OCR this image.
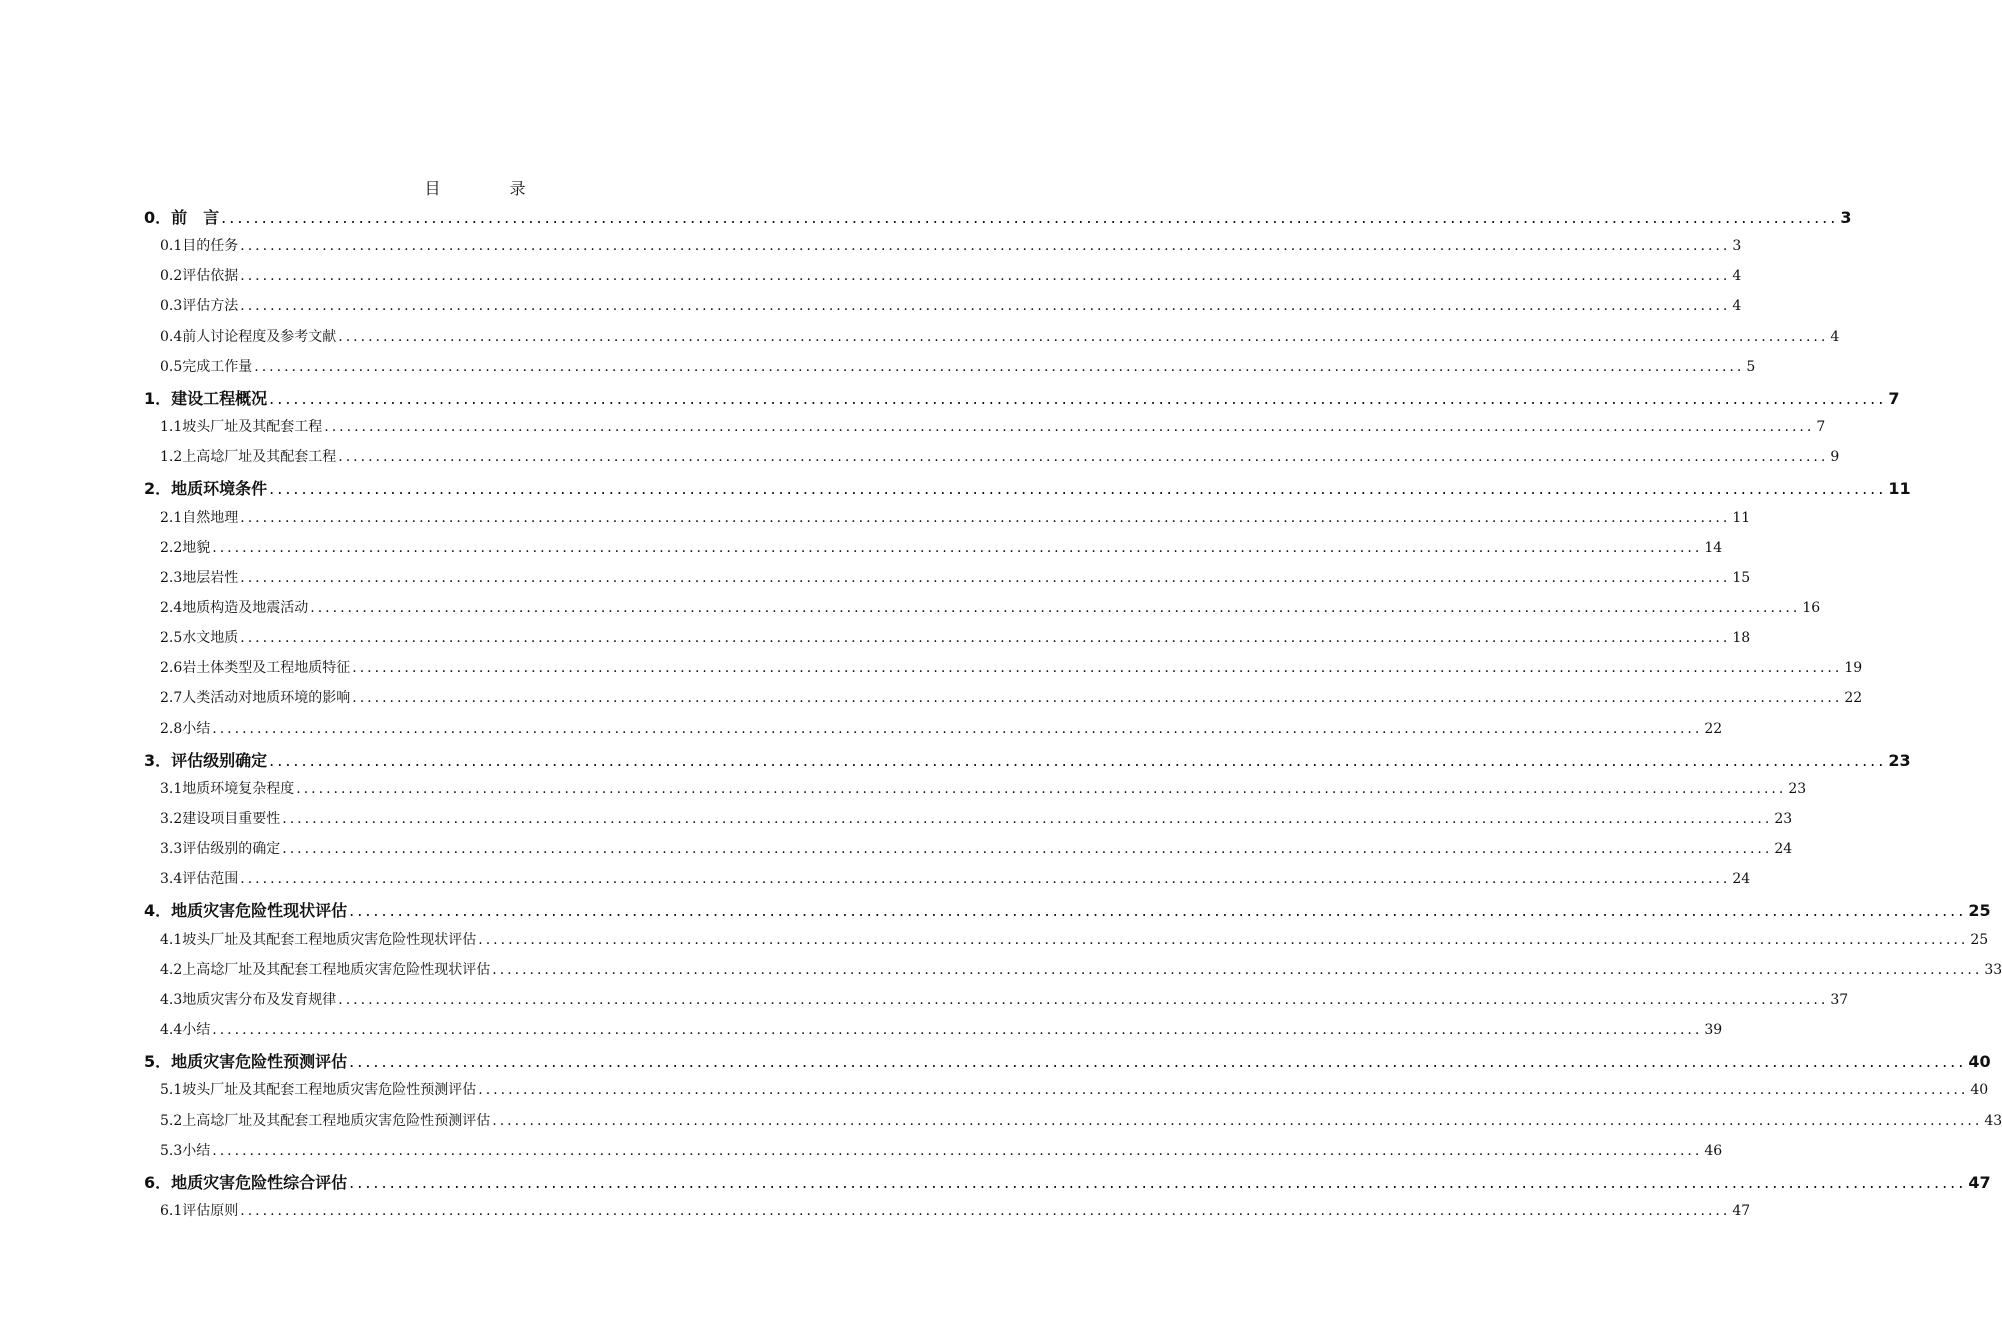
目 录
0．前　言 ........................................................................................................................................................................................................ 3
0.1目的任务 ........................................................................................................................................................................................................ 3
0.2评估依据 ........................................................................................................................................................................................................ 4
0.3评估方法 ........................................................................................................................................................................................................ 4
0.4前人讨论程度及参考文献 ........................................................................................................................................................................................................ 4
0.5完成工作量 ........................................................................................................................................................................................................ 5
1．建设工程概况 ........................................................................................................................................................................................................ 7
1.1坡头厂址及其配套工程 ........................................................................................................................................................................................................ 7
1.2上高埝厂址及其配套工程 ........................................................................................................................................................................................................ 9
2．地质环境条件 ........................................................................................................................................................................................................ 11
2.1自然地理 ........................................................................................................................................................................................................ 11
2.2地貌 ........................................................................................................................................................................................................ 14
2.3地层岩性 ........................................................................................................................................................................................................ 15
2.4地质构造及地震活动 ........................................................................................................................................................................................................ 16
2.5水文地质 ........................................................................................................................................................................................................ 18
2.6岩土体类型及工程地质特征 ........................................................................................................................................................................................................ 19
2.7人类活动对地质环境的影响 ........................................................................................................................................................................................................ 22
2.8小结 ........................................................................................................................................................................................................ 22
3．评估级别确定 ........................................................................................................................................................................................................ 23
3.1地质环境复杂程度 ........................................................................................................................................................................................................ 23
3.2建设项目重要性 ........................................................................................................................................................................................................ 23
3.3评估级别的确定 ........................................................................................................................................................................................................ 24
3.4评估范围 ........................................................................................................................................................................................................ 24
4．地质灾害危险性现状评估 ........................................................................................................................................................................................................ 25
4.1坡头厂址及其配套工程地质灾害危险性现状评估 ........................................................................................................................................................................................................ 25
4.2上高埝厂址及其配套工程地质灾害危险性现状评估 ........................................................................................................................................................................................................ 33
4.3地质灾害分布及发育规律 ........................................................................................................................................................................................................ 37
4.4小结 ........................................................................................................................................................................................................ 39
5．地质灾害危险性预测评估 ........................................................................................................................................................................................................ 40
5.1坡头厂址及其配套工程地质灾害危险性预测评估 ........................................................................................................................................................................................................ 40
5.2上高埝厂址及其配套工程地质灾害危险性预测评估 ........................................................................................................................................................................................................ 43
5.3小结 ........................................................................................................................................................................................................ 46
6．地质灾害危险性综合评估 ........................................................................................................................................................................................................ 47
6.1评估原则 ........................................................................................................................................................................................................ 47
